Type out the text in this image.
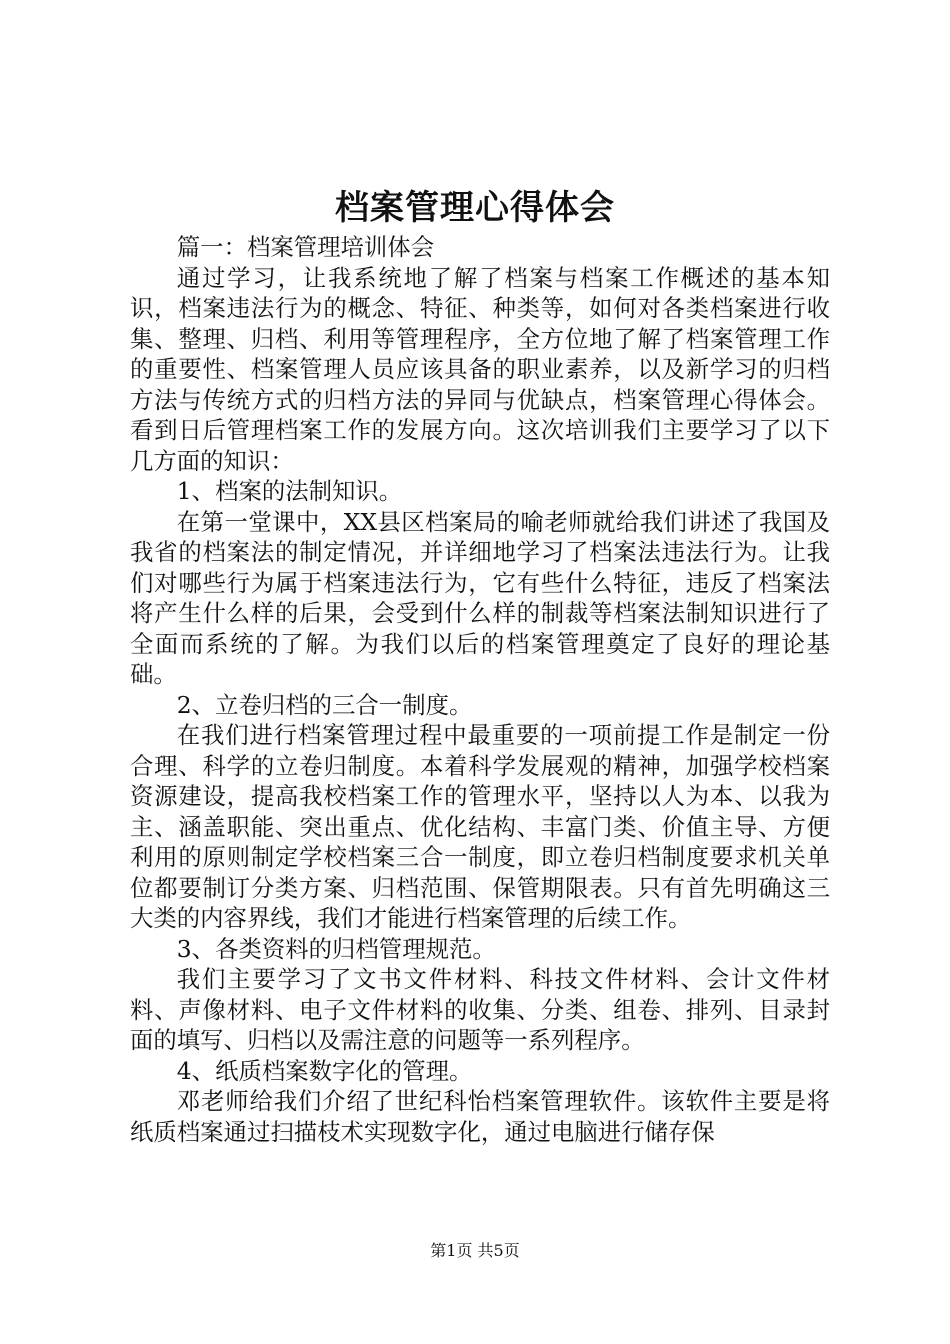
档案管理心得体会

篇一：档案管理培训体会

通过学习，让我系统地了解了档案与档案工作概述的基本知识，档案违法行为的概念、特征、种类等，如何对各类档案进行收集、整理、归档、利用等管理程序，全方位地了解了档案管理工作的重要性、档案管理人员应该具备的职业素养，以及新学习的归档方法与传统方式的归档方法的异同与优缺点，档案管理心得体会。看到日后管理档案工作的发展方向。这次培训我们主要学习了以下几方面的知识：

1、档案的法制知识。

在第一堂课中，XX县区档案局的喻老师就给我们讲述了我国及我省的档案法的制定情况，并详细地学习了档案法违法行为。让我们对哪些行为属于档案违法行为，它有些什么特征，违反了档案法将产生什么样的后果，会受到什么样的制裁等档案法制知识进行了全面而系统的了解。为我们以后的档案管理奠定了良好的理论基础。

2、立卷归档的三合一制度。

在我们进行档案管理过程中最重要的一项前提工作是制定一份合理、科学的立卷归制度。本着科学发展观的精神，加强学校档案资源建设，提高我校档案工作的管理水平，坚持以人为本、以我为主、涵盖职能、突出重点、优化结构、丰富门类、价值主导、方便利用的原则制定学校档案三合一制度，即立卷归档制度要求机关单位都要制订分类方案、归档范围、保管期限表。只有首先明确这三大类的内容界线，我们才能进行档案管理的后续工作。

3、各类资料的归档管理规范。

我们主要学习了文书文件材料、科技文件材料、会计文件材料、声像材料、电子文件材料的收集、分类、组卷、排列、目录封面的填写、归档以及需注意的问题等一系列程序。

4、纸质档案数字化的管理。

邓老师给我们介绍了世纪科怡档案管理软件。该软件主要是将纸质档案通过扫描枝术实现数字化，通过电脑进行储存保

第1页 共5页
